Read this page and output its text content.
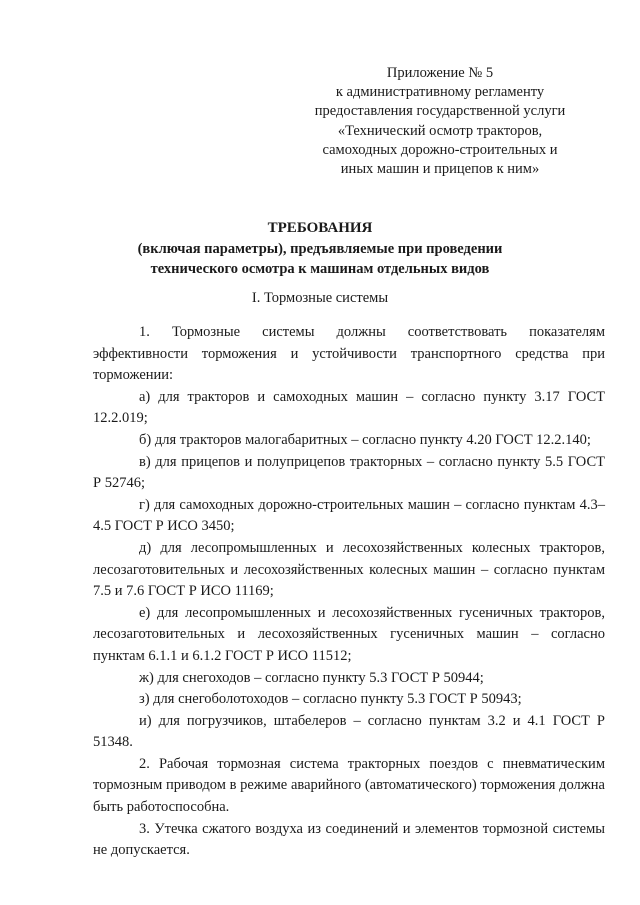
Приложение № 5
к административному регламенту
предоставления государственной услуги
«Технический осмотр тракторов,
самоходных дорожно-строительных и
иных машин и прицепов к ним»
ТРЕБОВАНИЯ
(включая параметры), предъявляемые при проведении
технического осмотра к машинам отдельных видов
I. Тормозные системы

1. Тормозные системы должны соответствовать показателям эффективности торможения и устойчивости транспортного средства при торможении:

а) для тракторов и самоходных машин – согласно пункту 3.17 ГОСТ 12.2.019;

б) для тракторов малогабаритных – согласно пункту 4.20 ГОСТ 12.2.140;

в) для прицепов и полуприцепов тракторных – согласно пункту 5.5 ГОСТ Р 52746;

г) для самоходных дорожно-строительных машин – согласно пунктам 4.3–4.5 ГОСТ Р ИСО 3450;

д) для лесопромышленных и лесохозяйственных колесных тракторов, лесозаготовительных и лесохозяйственных колесных машин – согласно пунктам 7.5 и 7.6 ГОСТ Р ИСО 11169;

е) для лесопромышленных и лесохозяйственных гусеничных тракторов, лесозаготовительных и лесохозяйственных гусеничных машин – согласно пунктам 6.1.1 и 6.1.2 ГОСТ Р ИСО 11512;

ж) для снегоходов – согласно пункту 5.3 ГОСТ Р 50944;

з) для снегоболотоходов – согласно пункту 5.3 ГОСТ Р 50943;

и) для погрузчиков, штабелеров – согласно пунктам 3.2 и 4.1 ГОСТ Р 51348.

2. Рабочая тормозная система тракторных поездов с пневматическим тормозным приводом в режиме аварийного (автоматического) торможения должна быть работоспособна.

3. Утечка сжатого воздуха из соединений и элементов тормозной системы не допускается.
